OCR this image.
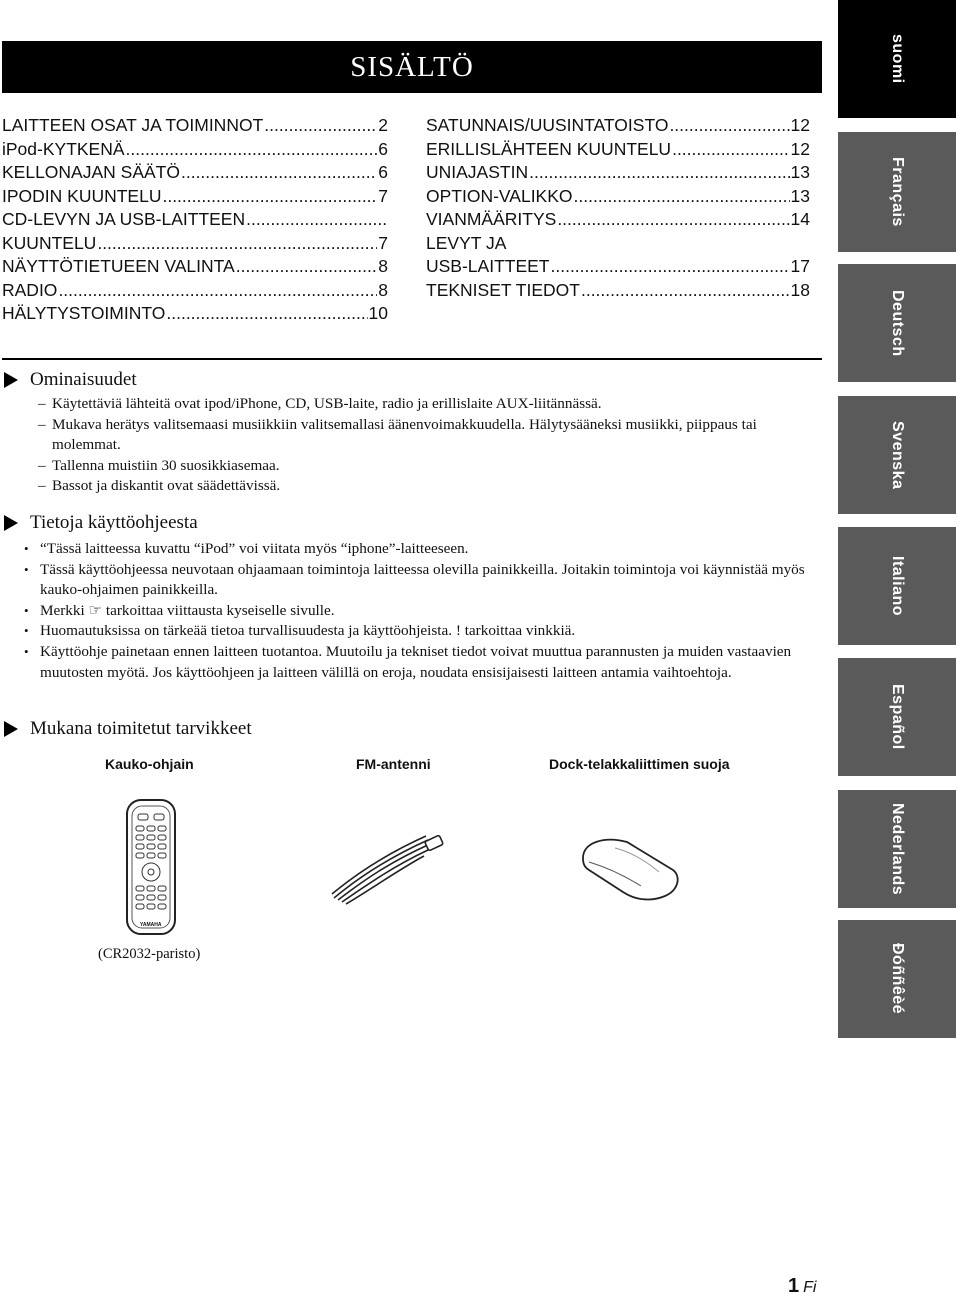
SISÄLTÖ
LAITTEEN OSAT JA TOIMINNOT .....	2
iPod-KYTKENÄ .....	6
KELLONAJAN SÄÄTÖ .....	6
IPODIN KUUNTELU .....	7
CD-LEVYN JA USB-LAITTEEN
.....
KUUNTELU .....	7
NÄYTTÖTIETUEEN VALINTA .....	8
RADIO .....	8
HÄLYTYSTOIMINTO .....	10
SATUNNAIS/UUSINTATOISTO .....	12
ERILLISLÄHTEEN KUUNTELU .....	12
UNIAJASTIN .....	13
OPTION-VALIKKO .....	13
VIANMÄÄRITYS .....	14
LEVYT JA
USB-LAITTEET .....	17
TEKNISET TIEDOT .....	18
Ominaisuudet
– Käytettäviä lähteitä ovat ipod/iPhone, CD, USB-laite, radio ja erillislaite AUX-liitännässä.
– Mukava herätys valitsemaasi musiikkiin valitsemallasi äänenvoimakkuudella. Hälytysääneksi musiikki, piippaus tai molemmat.
– Tallenna muistiin 30 suosikkiasemaa.
– Bassot ja diskantit ovat säädettävissä.
Tietoja käyttöohjeesta
• “Tässä laitteessa kuvattu “iPod” voi viitata myös “iphone”-laitteeseen.
• Tässä käyttöohjeessa neuvotaan ohjaamaan toimintoja laitteessa olevilla painikkeilla. Joitakin toimintoja voi käynnistää myös kauko-ohjaimen painikkeilla.
• Merkki ☞ tarkoittaa viittausta kyseiselle sivulle.
• Huomautuksissa on tärkeää tietoa turvallisuudesta ja käyttöohjeista. ! tarkoittaa vinkkiä.
• Käyttöohje painetaan ennen laitteen tuotantoa. Muutoilu ja tekniset tiedot voivat muuttua parannusten ja muiden vastaavien muutosten myötä. Jos käyttöohjeen ja laitteen välillä on eroja, noudata ensisijaisesti laitteen antamia vaihtoehtoja.
Mukana toimitetut tarvikkeet
Kauko-ohjain	FM-antenni	Dock-telakkaliittimen suoja
YAMAHA
(CR2032-paristo)
suomi
Français
Deutsch
Svenska
Italiano
Español
Nederlands
Ðóññêèé
1 Fi
